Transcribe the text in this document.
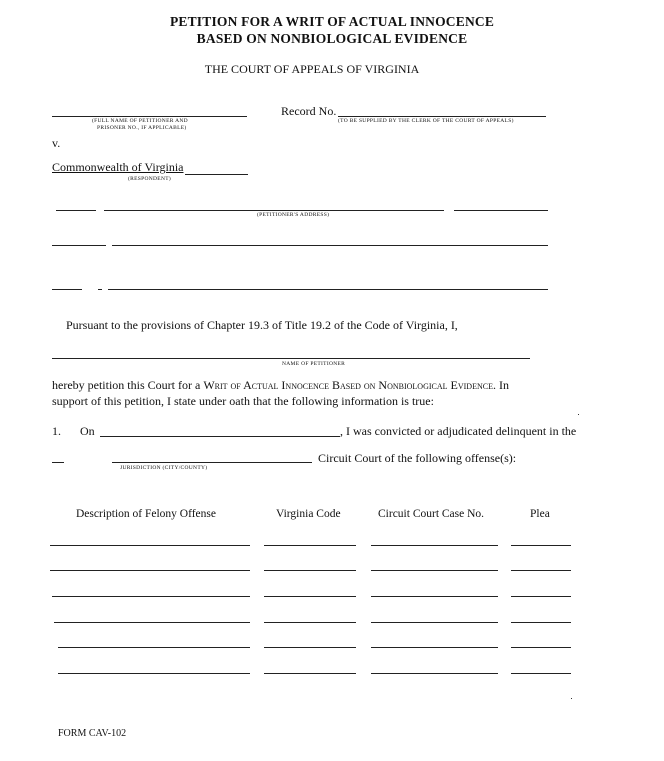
PETITION FOR A WRIT OF ACTUAL INNOCENCE
BASED ON NONBIOLOGICAL EVIDENCE
THE COURT OF APPEALS OF VIRGINIA
(FULL NAME OF PETITIONER AND
PRISONER NO., IF APPLICABLE)
Record No.
(TO BE SUPPLIED BY THE CLERK OF THE COURT OF APPEALS)
v.
Commonwealth of Virginia
(RESPONDENT)
(PETITIONER'S ADDRESS)
Pursuant to the provisions of Chapter 19.3 of Title 19.2 of the Code of Virginia, I,
NAME OF PETITIONER
hereby petition this Court for a Writ of Actual Innocence Based on Nonbiological Evidence. In
support of this petition, I state under oath that the following information is true:
1. On	, I was convicted or adjudicated delinquent in the
JURISDICTION (CITY/COUNTY)
Circuit Court of the following offense(s):
Description of Felony Offense	Virginia Code	Circuit Court Case No.	Plea
FORM CAV-102
